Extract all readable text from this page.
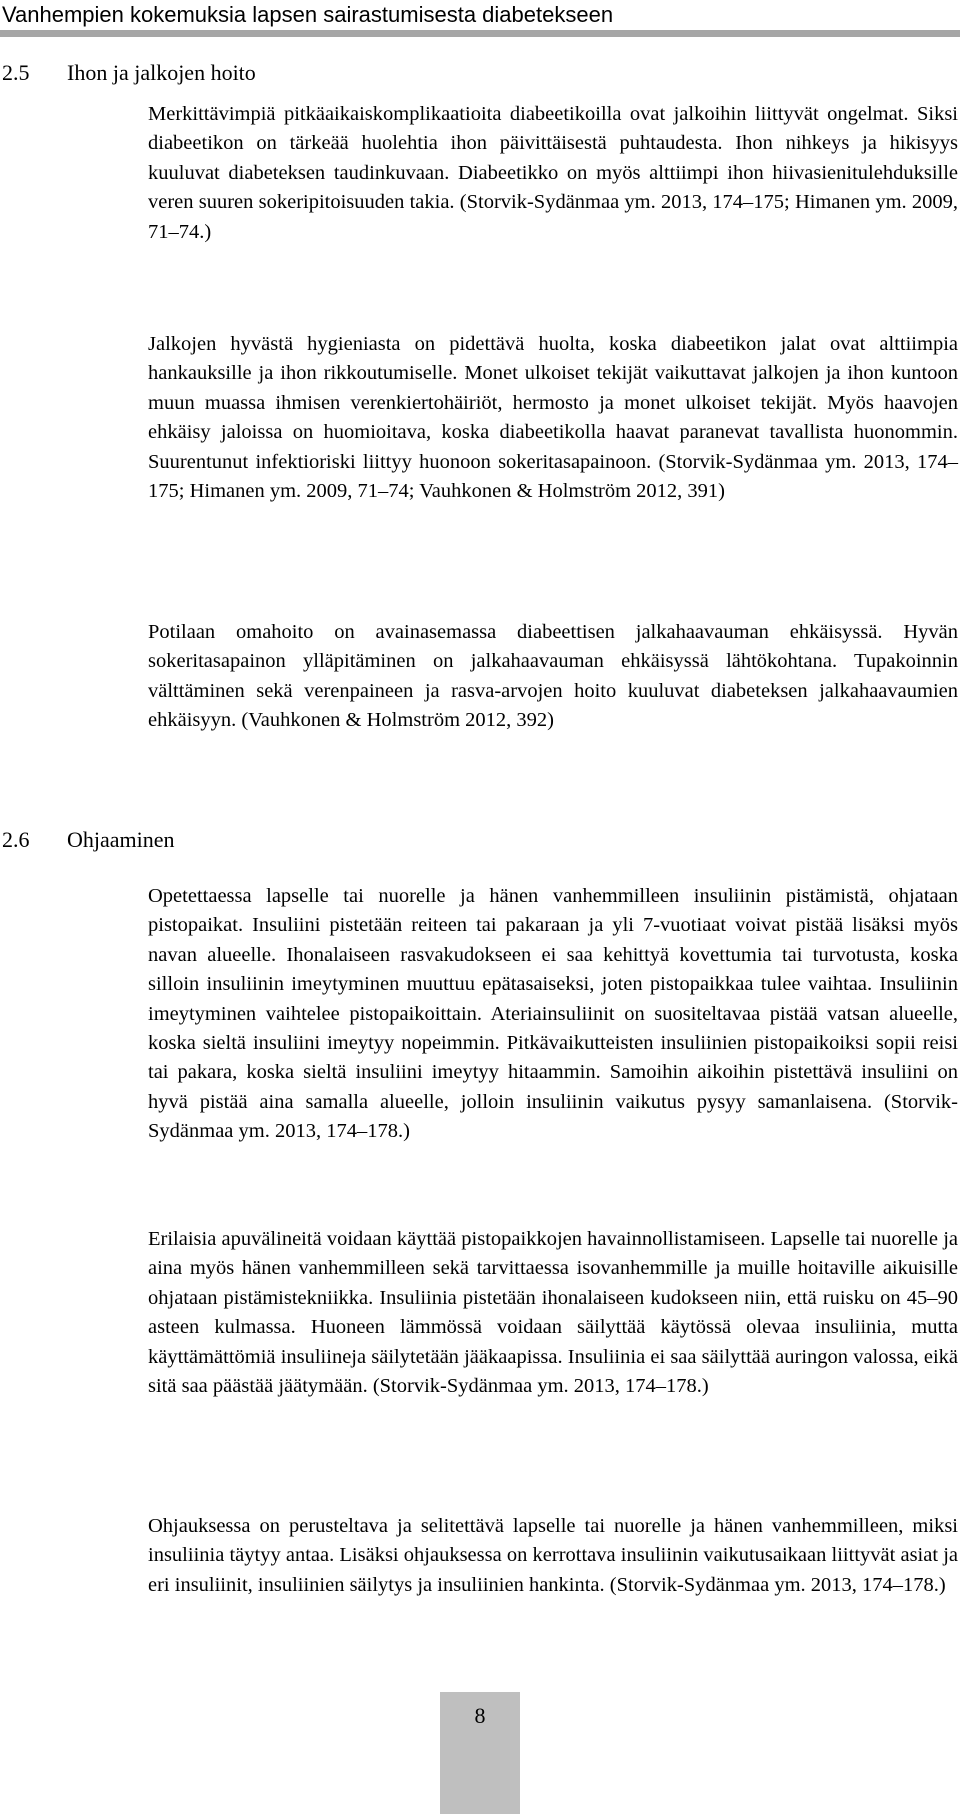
Vanhempien kokemuksia lapsen sairastumisesta diabetekseen
2.5 Ihon ja jalkojen hoito

Merkittävimpiä pitkäaikaiskomplikaatioita diabeetikoilla ovat jalkoihin liittyvät ongelmat. Siksi diabeetikon on tärkeää huolehtia ihon päivittäisestä puhtaudesta. Ihon nihkeys ja hikisyys kuuluvat diabeteksen taudinkuvaan. Diabeetikko on myös alttiimpi ihon hiivasienitulehduksille veren suuren sokeripitoisuuden takia. (Storvik-Sydänmaa ym. 2013, 174–175; Himanen ym. 2009, 71–74.)

Jalkojen hyvästä hygieniasta on pidettävä huolta, koska diabeetikon jalat ovat alttiimpia hankauksille ja ihon rikkoutumiselle. Monet ulkoiset tekijät vaikuttavat jalkojen ja ihon kuntoon muun muassa ihmisen verenkiertohäiriöt, hermosto ja monet ulkoiset tekijät. Myös haavojen ehkäisy jaloissa on huomioitava, koska diabeetikolla haavat paranevat tavallista huonommin. Suurentunut infektioriski liittyy huonoon sokeritasapainoon. (Storvik-Sydänmaa ym. 2013, 174–175; Himanen ym. 2009, 71–74; Vauhkonen & Holmström 2012, 391)

Potilaan omahoito on avainasemassa diabeettisen jalkahaavauman ehkäisyssä. Hyvän sokeritasapainon ylläpitäminen on jalkahaavauman ehkäisyssä lähtökohtana. Tupakoinnin välttäminen sekä verenpaineen ja rasva-arvojen hoito kuuluvat diabeteksen jalkahaavaumien ehkäisyyn. (Vauhkonen & Holmström 2012, 392)

2.6 Ohjaaminen

Opetettaessa lapselle tai nuorelle ja hänen vanhemmilleen insuliinin pistämistä, ohjataan pistopaikat. Insuliini pistetään reiteen tai pakaraan ja yli 7-vuotiaat voivat pistää lisäksi myös navan alueelle. Ihonalaiseen rasvakudokseen ei saa kehittyä kovettumia tai turvotusta, koska silloin insuliinin imeytyminen muuttuu epätasaiseksi, joten pistopaikkaa tulee vaihtaa. Insuliinin imeytyminen vaihtelee pistopaikoittain. Ateriainsuliinit on suositeltavaa pistää vatsan alueelle, koska sieltä insuliini imeytyy nopeimmin. Pitkävaikutteisten insuliinien pistopaikoiksi sopii reisi tai pakara, koska sieltä insuliini imeytyy hitaammin. Samoihin aikoihin pistettävä insuliini on hyvä pistää aina samalla alueelle, jolloin insuliinin vaikutus pysyy samanlaisena. (Storvik-Sydänmaa ym. 2013, 174–178.)

Erilaisia apuvälineitä voidaan käyttää pistopaikkojen havainnollistamiseen. Lapselle tai nuorelle ja aina myös hänen vanhemmilleen sekä tarvittaessa isovanhemmille ja muille hoitaville aikuisille ohjataan pistämistekniikka. Insuliinia pistetään ihonalaiseen kudokseen niin, että ruisku on 45–90 asteen kulmassa. Huoneen lämmössä voidaan säilyttää käytössä olevaa insuliinia, mutta käyttämättömiä insuliineja säilytetään jääkaapissa. Insuliinia ei saa säilyttää auringon valossa, eikä sitä saa päästää jäätymään. (Storvik-Sydänmaa ym. 2013, 174–178.)

Ohjauksessa on perusteltava ja selitettävä lapselle tai nuorelle ja hänen vanhemmilleen, miksi insuliinia täytyy antaa. Lisäksi ohjauksessa on kerrottava insuliinin vaikutusaikaan liittyvät asiat ja eri insuliinit, insuliinien säilytys ja insuliinien hankinta. (Storvik-Sydänmaa ym. 2013, 174–178.)

8
